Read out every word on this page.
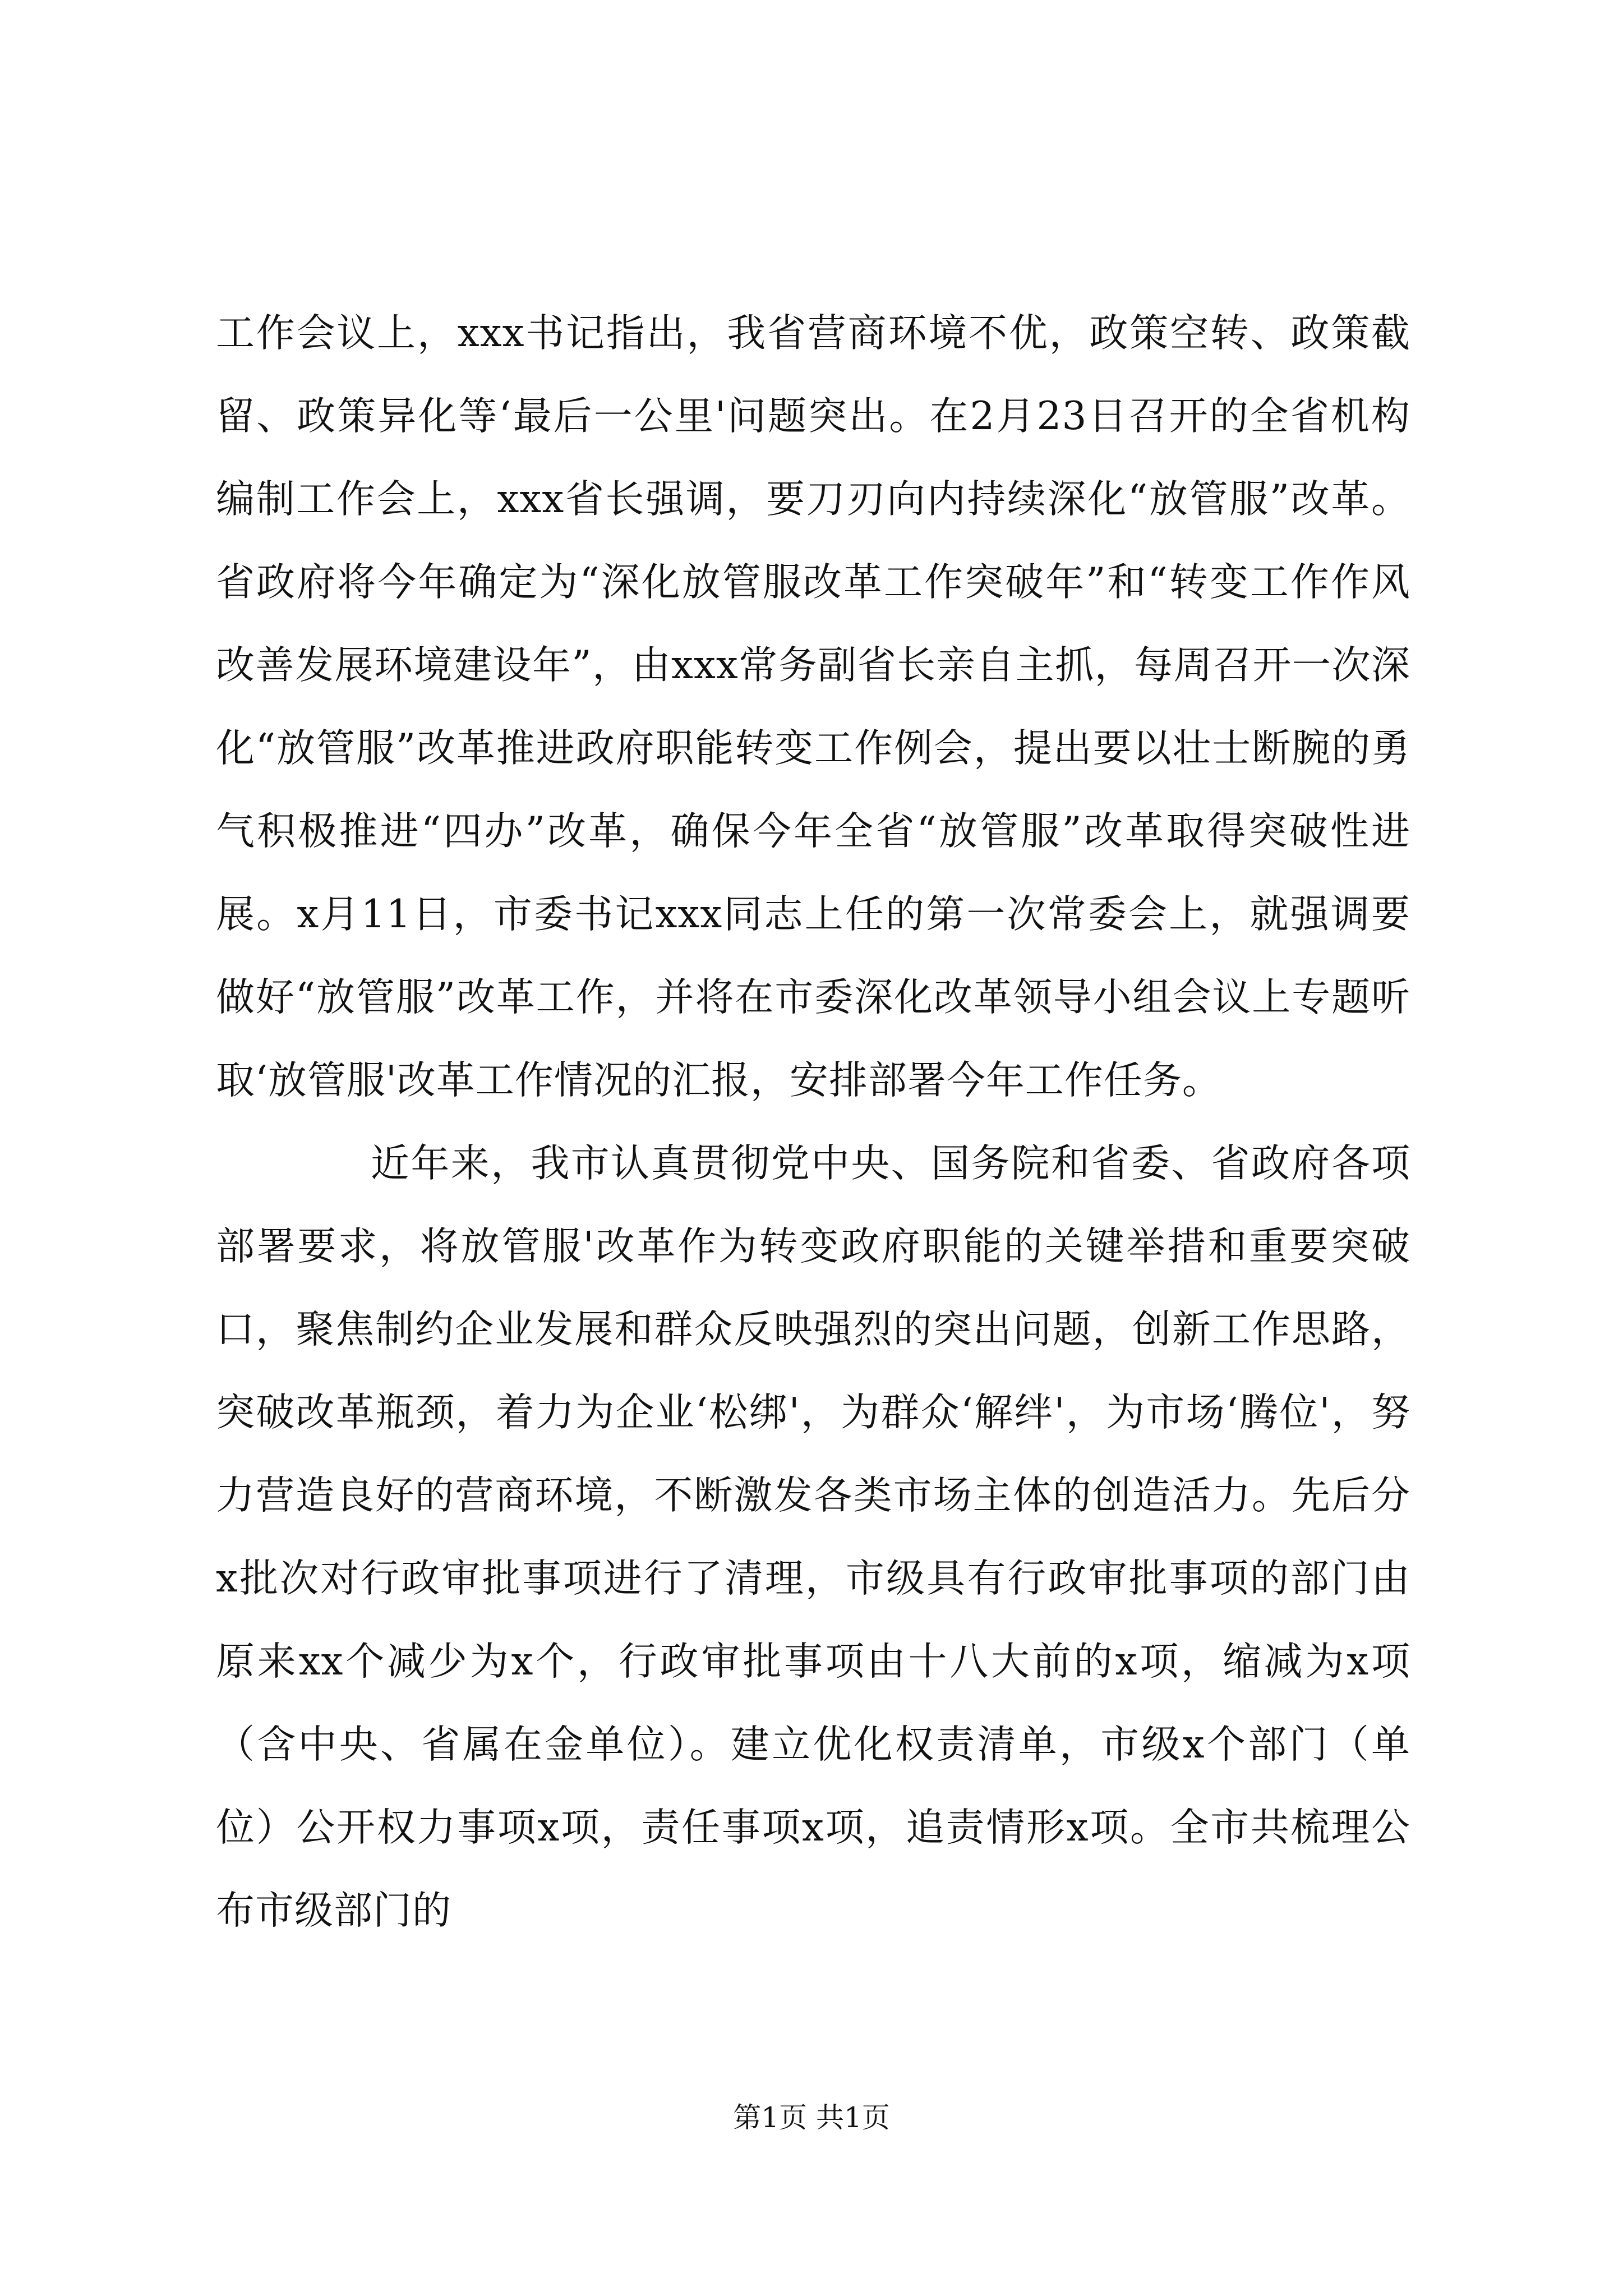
工作会议上，xxx书记指出，我省营商环境不优，政策空转、政策截留、政策异化等‘最后一公里'问题突出。在2月23日召开的全省机构编制工作会上，xxx省长强调，要刀刃向内持续深化“放管服”改革。省政府将今年确定为“深化放管服改革工作突破年”和“转变工作作风改善发展环境建设年”，由xxx常务副省长亲自主抓，每周召开一次深化“放管服”改革推进政府职能转变工作例会，提出要以壮士断腕的勇气积极推进“四办”改革，确保今年全省“放管服”改革取得突破性进展。x月11日，市委书记xxx同志上任的第一次常委会上，就强调要做好“放管服”改革工作，并将在市委深化改革领导小组会议上专题听取‘放管服'改革工作情况的汇报，安排部署今年工作任务。

近年来，我市认真贯彻党中央、国务院和省委、省政府各项部署要求，将放管服'改革作为转变政府职能的关键举措和重要突破口，聚焦制约企业发展和群众反映强烈的突出问题，创新工作思路，突破改革瓶颈，着力为企业‘松绑'，为群众‘解绊'，为市场‘腾位'，努力营造良好的营商环境，不断激发各类市场主体的创造活力。先后分x批次对行政审批事项进行了清理，市级具有行政审批事项的部门由原来xx个减少为x个，行政审批事项由十八大前的x项，缩减为x项（含中央、省属在金单位）。建立优化权责清单，市级x个部门（单位）公开权力事项x项，责任事项x项，追责情形x项。全市共梳理公布市级部门的

第1页 共1页
